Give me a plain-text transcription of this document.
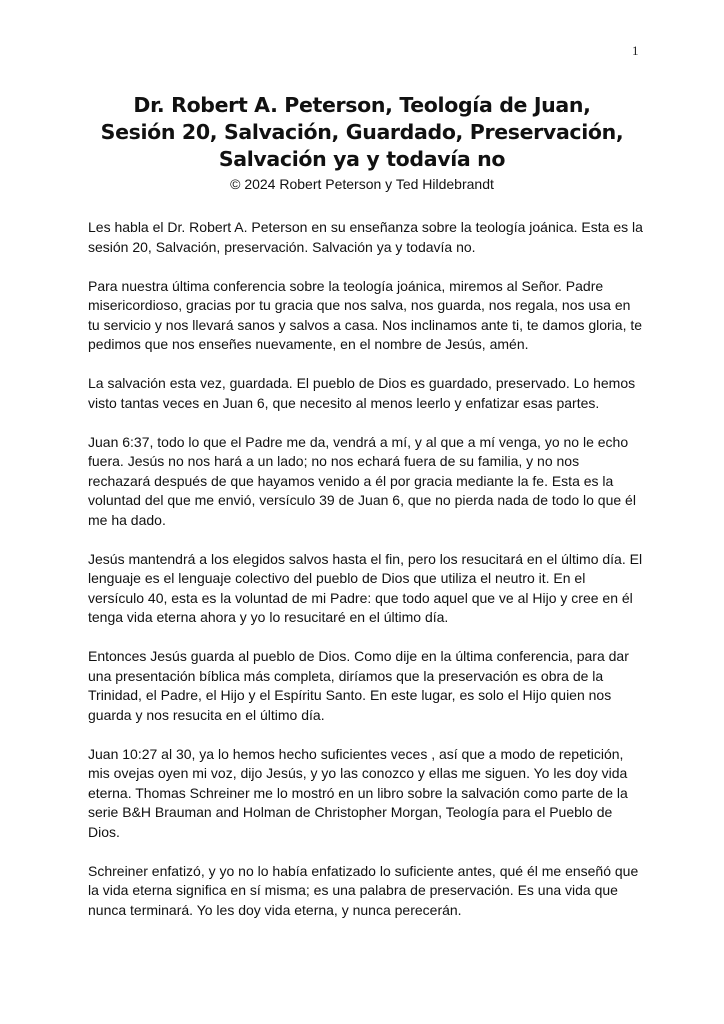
1
Dr. Robert A. Peterson, Teología de Juan,
Sesión 20, Salvación, Guardado, Preservación,
Salvación ya y todavía no
© 2024 Robert Peterson y Ted Hildebrandt

Les habla el Dr. Robert A. Peterson en su enseñanza sobre la teología joánica. Esta es la sesión 20, Salvación, preservación. Salvación ya y todavía no.

Para nuestra última conferencia sobre la teología joánica, miremos al Señor. Padre misericordioso, gracias por tu gracia que nos salva, nos guarda, nos regala, nos usa en tu servicio y nos llevará sanos y salvos a casa. Nos inclinamos ante ti, te damos gloria, te pedimos que nos enseñes nuevamente, en el nombre de Jesús, amén.

La salvación esta vez, guardada. El pueblo de Dios es guardado, preservado. Lo hemos visto tantas veces en Juan 6, que necesito al menos leerlo y enfatizar esas partes.

Juan 6:37, todo lo que el Padre me da, vendrá a mí, y al que a mí venga, yo no le echo fuera. Jesús no nos hará a un lado; no nos echará fuera de su familia, y no nos rechazará después de que hayamos venido a él por gracia mediante la fe. Esta es la voluntad del que me envió, versículo 39 de Juan 6, que no pierda nada de todo lo que él me ha dado.

Jesús mantendrá a los elegidos salvos hasta el fin, pero los resucitará en el último día. El lenguaje es el lenguaje colectivo del pueblo de Dios que utiliza el neutro it. En el versículo 40, esta es la voluntad de mi Padre: que todo aquel que ve al Hijo y cree en él tenga vida eterna ahora y yo lo resucitaré en el último día.

Entonces Jesús guarda al pueblo de Dios. Como dije en la última conferencia, para dar una presentación bíblica más completa, diríamos que la preservación es obra de la Trinidad, el Padre, el Hijo y el Espíritu Santo. En este lugar, es solo el Hijo quien nos guarda y nos resucita en el último día.

Juan 10:27 al 30, ya lo hemos hecho suficientes veces , así que a modo de repetición, mis ovejas oyen mi voz, dijo Jesús, y yo las conozco y ellas me siguen. Yo les doy vida eterna. Thomas Schreiner me lo mostró en un libro sobre la salvación como parte de la serie B&H Brauman and Holman de Christopher Morgan, Teología para el Pueblo de Dios.

Schreiner enfatizó, y yo no lo había enfatizado lo suficiente antes, qué él me enseñó que la vida eterna significa en sí misma; es una palabra de preservación. Es una vida que nunca terminará. Yo les doy vida eterna, y nunca perecerán.
